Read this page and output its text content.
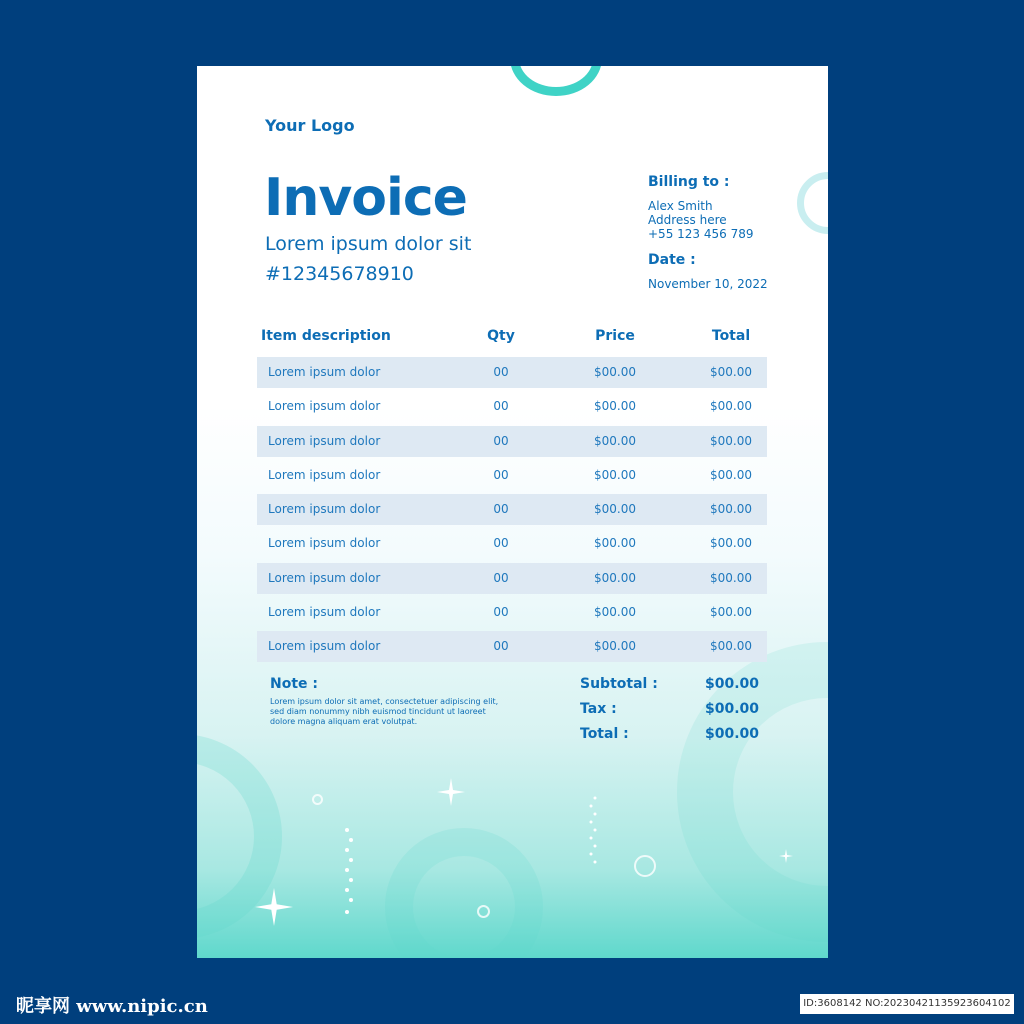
Your Logo
Invoice
Lorem ipsum dolor sit
#12345678910
Billing to :
Alex Smith
Address here
+55 123 456 789
Date :
November 10, 2022
Item description	Qty	Price	Total
Lorem ipsum dolor	00	$00.00	$00.00
Lorem ipsum dolor	00	$00.00	$00.00
Lorem ipsum dolor	00	$00.00	$00.00
Lorem ipsum dolor	00	$00.00	$00.00
Lorem ipsum dolor	00	$00.00	$00.00
Lorem ipsum dolor	00	$00.00	$00.00
Lorem ipsum dolor	00	$00.00	$00.00
Lorem ipsum dolor	00	$00.00	$00.00
Lorem ipsum dolor	00	$00.00	$00.00
Note :
Lorem ipsum dolor sit amet, consectetuer adipiscing elit, sed diam nonummy nibh euismod tincidunt ut laoreet dolore magna aliquam erat volutpat.
Subtotal :	$00.00
Tax :	$00.00
Total :	$00.00
昵享网 www.nipic.cn	ID:3608142 NO:20230421135923604102
